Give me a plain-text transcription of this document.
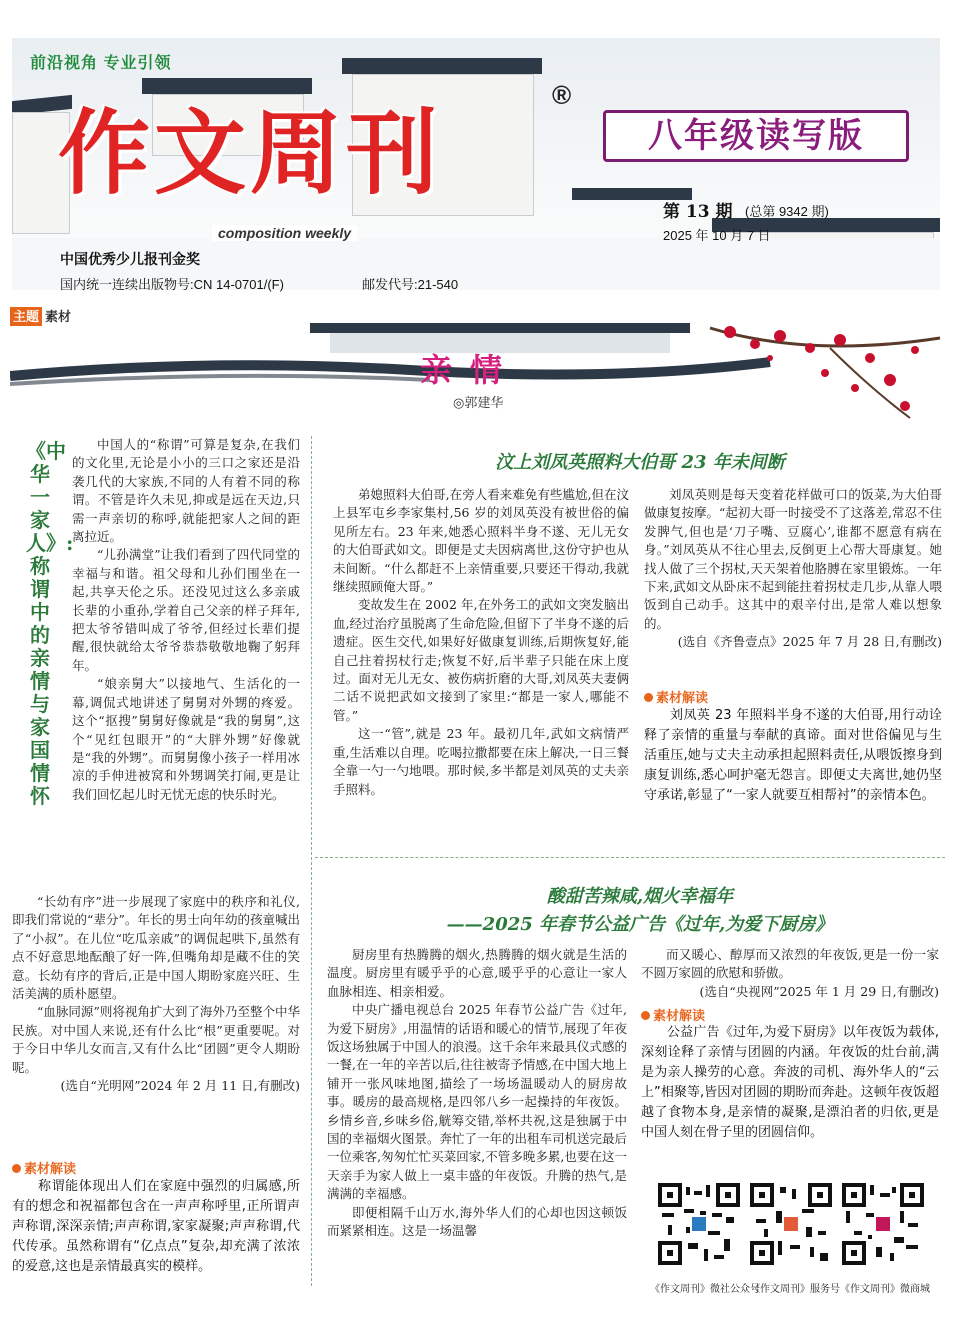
前沿视角 专业引领
作文周刊
®
八年级读写版
composition weekly
第 13 期 (总第 9342 期)
2025 年 10 月 7 日
中国优秀少儿报刊金奖
国内统一连续出版物号:CN 14-0701/(F)	邮发代号:21-540
主题 素材
亲情
◎郭建华
《中华一家人》:称谓中的亲情与家国情怀

中国人的“称谓”可算是复杂,在我们的文化里,无论是小小的三口之家还是沿袭几代的大家族,不同的人有着不同的称谓。不管是许久未见,抑或是远在天边,只需一声亲切的称呼,就能把家人之间的距离拉近。

“儿孙满堂”让我们看到了四代同堂的幸福与和谐。祖父母和儿孙们围坐在一起,共享天伦之乐。还没见过这么多亲戚长辈的小重孙,学着自己父亲的样子拜年,把太爷爷错叫成了爷爷,但经过长辈们提醒,很快就给太爷爷恭恭敬敬地鞠了躬拜年。

“娘亲舅大”以接地气、生活化的一幕,调侃式地讲述了舅舅对外甥的疼爱。这个“抠搜”舅舅好像就是“我的舅舅”,这个“见红包眼开”的“大胖外甥”好像就是“我的外甥”。而舅舅像小孩子一样用冰凉的手伸进被窝和外甥调笑打闹,更是让我们回忆起儿时无忧无虑的快乐时光。

“长幼有序”进一步展现了家庭中的秩序和礼仪,即我们常说的“辈分”。年长的男士向年幼的孩童喊出了“小叔”。在儿位“吃瓜亲戚”的调侃起哄下,虽然有点不好意思地酝酿了好一阵,但嘴角却是藏不住的笑意。长幼有序的背后,正是中国人期盼家庭兴旺、生活美满的质朴愿望。

“血脉同源”则将视角扩大到了海外乃至整个中华民族。对中国人来说,还有什么比“根”更重要呢。对于今日中华儿女而言,又有什么比“团圆”更令人期盼呢。

(选自“光明网”2024 年 2 月 11 日,有删改)

素材解读

称谓能体现出人们在家庭中强烈的归属感,所有的想念和祝福都包含在一声声称呼里,正所谓声声称谓,深深亲情;声声称谓,家家凝聚;声声称谓,代代传承。虽然称谓有“亿点点”复杂,却充满了浓浓的爱意,这也是亲情最真实的模样。

汶上刘凤英照料大伯哥 23 年未间断

弟媳照料大伯哥,在旁人看来难免有些尴尬,但在汶上县军屯乡李家集村,56 岁的刘凤英没有被世俗的偏见所左右。23 年来,她悉心照料半身不遂、无儿无女的大伯哥武如文。即便是丈夫因病离世,这份守护也从未间断。“什么都赶不上亲情重要,只要还干得动,我就继续照顾俺大哥。”

变故发生在 2002 年,在外务工的武如文突发脑出血,经过治疗虽脱离了生命危险,但留下了半身不遂的后遗症。医生交代,如果好好做康复训练,后期恢复好,能自己拄着拐杖行走;恢复不好,后半辈子只能在床上度过。面对无儿无女、被伤病折磨的大哥,刘凤英夫妻俩二话不说把武如文接到了家里:“都是一家人,哪能不管。”

这一“管”,就是 23 年。最初几年,武如文病情严重,生活难以自理。吃喝拉撒都要在床上解决,一日三餐全靠一勺一勺地喂。那时候,多半都是刘凤英的丈夫亲手照料。

刘凤英则是每天变着花样做可口的饭菜,为大伯哥做康复按摩。“起初大哥一时接受不了这落差,常忍不住发脾气,但也是‘刀子嘴、豆腐心’,谁都不愿意有病在身。”刘凤英从不往心里去,反倒更上心帮大哥康复。她找人做了三个拐杖,天天架着他胳膊在家里锻炼。一年下来,武如文从卧床不起到能拄着拐杖走几步,从靠人喂饭到自己动手。这其中的艰辛付出,是常人难以想象的。

(选自《齐鲁壹点》2025 年 7 月 28 日,有删改)

素材解读

刘凤英 23 年照料半身不遂的大伯哥,用行动诠释了亲情的重量与奉献的真谛。面对世俗偏见与生活重压,她与丈夫主动承担起照料责任,从喂饭擦身到康复训练,悉心呵护毫无怨言。即便丈夫离世,她仍坚守承诺,彰显了“一家人就要互相帮衬”的亲情本色。

酸甜苦辣咸,烟火幸福年
——2025 年春节公益广告《过年,为爱下厨房》

厨房里有热腾腾的烟火,热腾腾的烟火就是生活的温度。厨房里有暖乎乎的心意,暖乎乎的心意让一家人血脉相连、相亲相爱。

中央广播电视总台 2025 年春节公益广告《过年,为爱下厨房》,用温情的话语和暖心的情节,展现了年夜饭这场独属于中国人的浪漫。这千余年来最具仪式感的一餐,在一年的辛苦以后,往往被寄予情感,在中国大地上铺开一张风味地图,描绘了一场场温暖动人的厨房故事。暖房的最高规格,是四邻八乡一起操持的年夜饭。乡情乡音,乡味乡俗,觥筹交错,举杯共祝,这是独属于中国的幸福烟火图景。奔忙了一年的出租车司机送完最后一位乘客,匆匆忙忙买菜回家,不管多晚多累,也要在这一天亲手为家人做上一桌丰盛的年夜饭。升腾的热气,是满满的幸福感。

即便相隔千山万水,海外华人们的心却也因这顿饭而紧紧相连。这是一场温馨

而又暖心、醇厚而又浓烈的年夜饭,更是一份一家不圆万家圆的欣慰和骄傲。

(选自“央视网”2025 年 1 月 29 日,有删改)

素材解读

公益广告《过年,为爱下厨房》以年夜饭为载体,深刻诠释了亲情与团圆的内涵。年夜饭的灶台前,满是为亲人操劳的心意。奔波的司机、海外华人的“云上”相聚等,皆因对团圆的期盼而奔赴。这顿年夜饭超越了食物本身,是亲情的凝聚,是漂泊者的归依,更是中国人刻在骨子里的团圆信仰。

《作文周刊》微社公众号
《作文周刊》服务号 《作文周刊》微商城
